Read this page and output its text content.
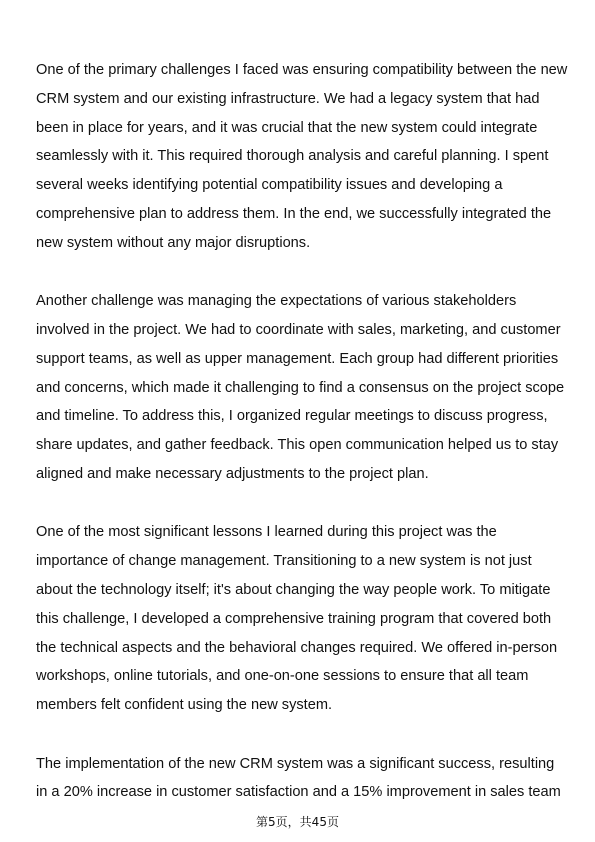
One of the primary challenges I faced was ensuring compatibility between the new
CRM system and our existing infrastructure. We had a legacy system that had
been in place for years, and it was crucial that the new system could integrate
seamlessly with it. This required thorough analysis and careful planning. I spent
several weeks identifying potential compatibility issues and developing a
comprehensive plan to address them. In the end, we successfully integrated the
new system without any major disruptions.

Another challenge was managing the expectations of various stakeholders
involved in the project. We had to coordinate with sales, marketing, and customer
support teams, as well as upper management. Each group had different priorities
and concerns, which made it challenging to find a consensus on the project scope
and timeline. To address this, I organized regular meetings to discuss progress,
share updates, and gather feedback. This open communication helped us to stay
aligned and make necessary adjustments to the project plan.

One of the most significant lessons I learned during this project was the
importance of change management. Transitioning to a new system is not just
about the technology itself; it's about changing the way people work. To mitigate
this challenge, I developed a comprehensive training program that covered both
the technical aspects and the behavioral changes required. We offered in-person
workshops, online tutorials, and one-on-one sessions to ensure that all team
members felt confident using the new system.

The implementation of the new CRM system was a significant success, resulting
in a 20% increase in customer satisfaction and a 15% improvement in sales team

第5页，共45页
